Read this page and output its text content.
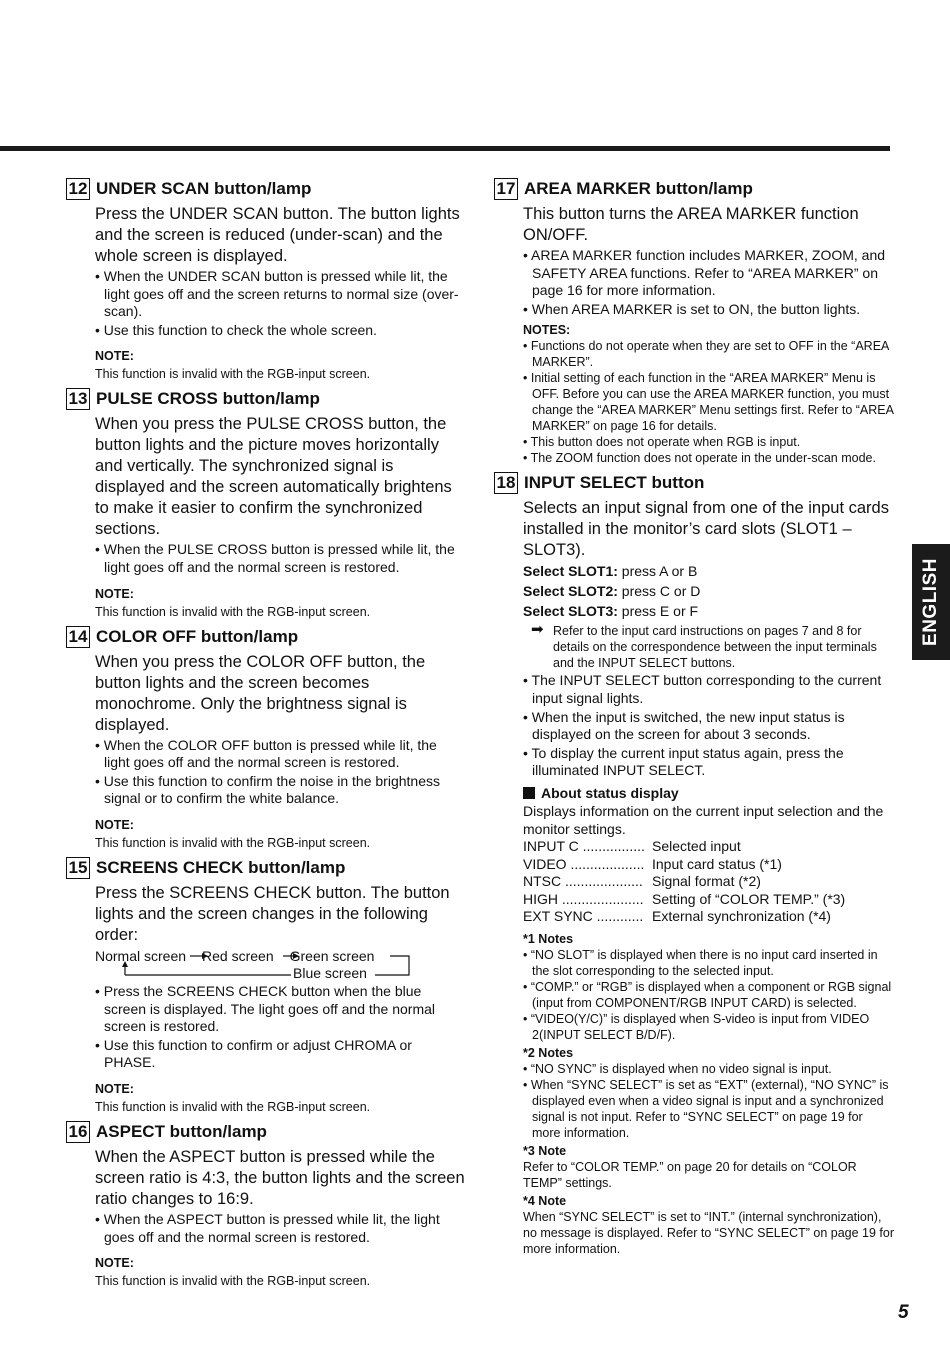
12 UNDER SCAN button/lamp
Press the UNDER SCAN button. The button lights and the screen is reduced (under-scan) and the whole screen is displayed.
• When the UNDER SCAN button is pressed while lit, the light goes off and the screen returns to normal size (over-scan).
• Use this function to check the whole screen.
NOTE:
This function is invalid with the RGB-input screen.
13 PULSE CROSS button/lamp
When you press the PULSE CROSS button, the button lights and the picture moves horizontally and vertically. The synchronized signal is displayed and the screen automatically brightens to make it easier to confirm the synchronized sections.
• When the PULSE CROSS button is pressed while lit, the light goes off and the normal screen is restored.
NOTE:
This function is invalid with the RGB-input screen.
14 COLOR OFF button/lamp
When you press the COLOR OFF button, the button lights and the screen becomes monochrome. Only the brightness signal is displayed.
• When the COLOR OFF button is pressed while lit, the light goes off and the normal screen is restored.
• Use this function to confirm the noise in the brightness signal or to confirm the white balance.
NOTE:
This function is invalid with the RGB-input screen.
15 SCREENS CHECK button/lamp
Press the SCREENS CHECK button. The button lights and the screen changes in the following order:
Normal screen Red screen Green screen
Blue screen
• Press the SCREENS CHECK button when the blue screen is displayed. The light goes off and the normal screen is restored.
• Use this function to confirm or adjust CHROMA or PHASE.
NOTE:
This function is invalid with the RGB-input screen.
16 ASPECT button/lamp
When the ASPECT button is pressed while the screen ratio is 4:3, the button lights and the screen ratio changes to 16:9.
• When the ASPECT button is pressed while lit, the light goes off and the normal screen is restored.
NOTE:
This function is invalid with the RGB-input screen.
17 AREA MARKER button/lamp
This button turns the AREA MARKER function ON/OFF.
• AREA MARKER function includes MARKER, ZOOM, and SAFETY AREA functions. Refer to “AREA MARKER” on page 16 for more information.
• When AREA MARKER is set to ON, the button lights.
NOTES:
• Functions do not operate when they are set to OFF in the “AREA MARKER”.
• Initial setting of each function in the “AREA MARKER” Menu is OFF. Before you can use the AREA MARKER function, you must change the “AREA MARKER” Menu settings first. Refer to “AREA MARKER” on page 16 for details.
• This button does not operate when RGB is input.
• The ZOOM function does not operate in the under-scan mode.
18 INPUT SELECT button
Selects an input signal from one of the input cards installed in the monitor’s card slots (SLOT1 – SLOT3).
Select SLOT1: press A or B
Select SLOT2: press C or D
Select SLOT3: press E or F
➡ Refer to the input card instructions on pages 7 and 8 for details on the correspondence between the input terminals and the INPUT SELECT buttons.
• The INPUT SELECT button corresponding to the current input signal lights.
• When the input is switched, the new input status is displayed on the screen for about 3 seconds.
• To display the current input status again, press the illuminated INPUT SELECT.
About status display
Displays information on the current input selection and the monitor settings.
INPUT C ................ Selected input
VIDEO ................... Input card status (*1)
NTSC .................... Signal format (*2)
HIGH ..................... Setting of “COLOR TEMP.” (*3)
EXT SYNC ............ External synchronization (*4)
*1 Notes
• “NO SLOT” is displayed when there is no input card inserted in the slot corresponding to the selected input.
• “COMP.” or “RGB” is displayed when a component or RGB signal (input from COMPONENT/RGB INPUT CARD) is selected.
• “VIDEO(Y/C)” is displayed when S-video is input from VIDEO 2(INPUT SELECT B/D/F).
*2 Notes
• “NO SYNC” is displayed when no video signal is input.
• When “SYNC SELECT” is set as “EXT” (external), “NO SYNC” is displayed even when a video signal is input and a synchronized signal is not input. Refer to “SYNC SELECT” on page 19 for more information.
*3 Note
Refer to “COLOR TEMP.” on page 20 for details on “COLOR TEMP” settings.
*4 Note
When “SYNC SELECT” is set to “INT.” (internal synchronization), no message is displayed. Refer to “SYNC SELECT” on page 19 for more information.
ENGLISH
5
